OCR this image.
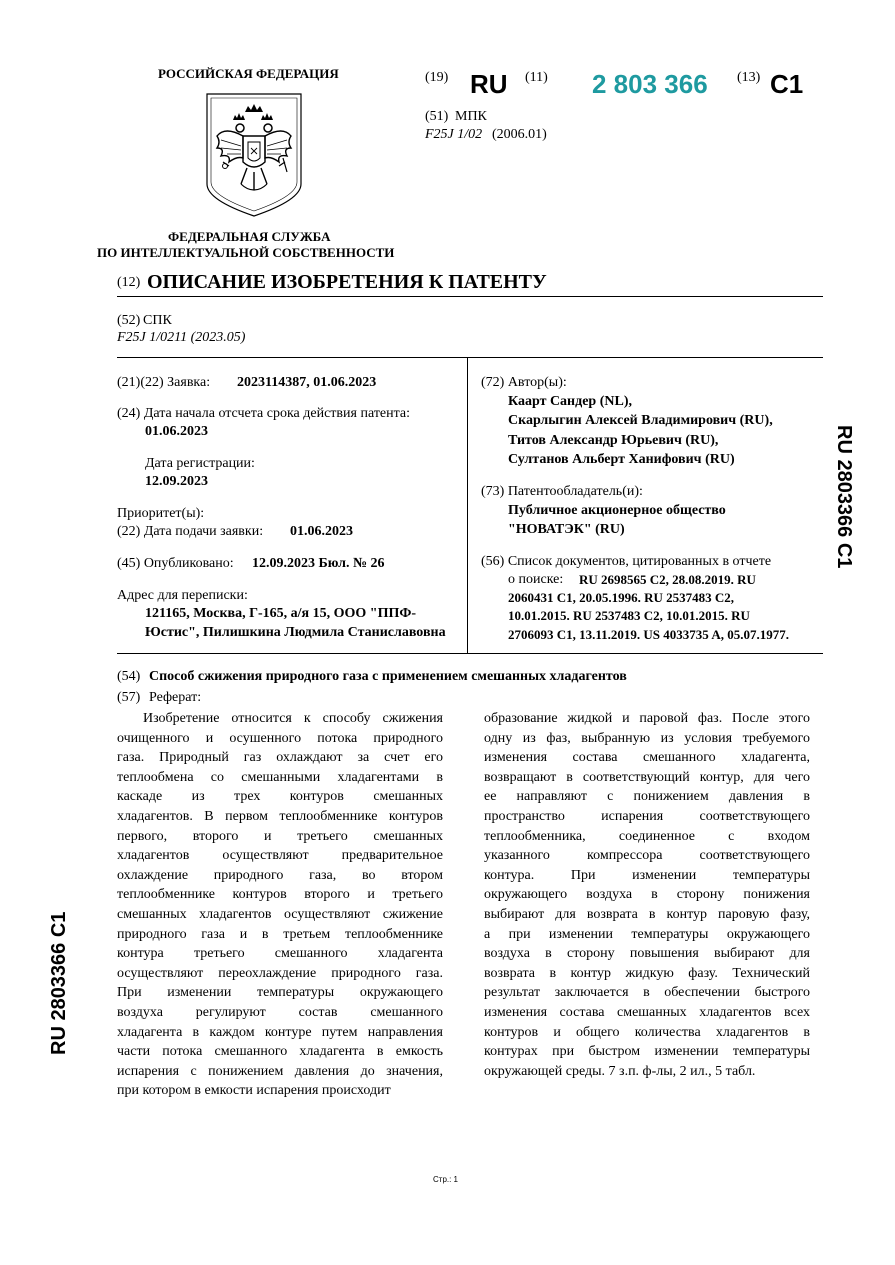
РОССИЙСКАЯ ФЕДЕРАЦИЯ
ФЕДЕРАЛЬНАЯ СЛУЖБА
ПО ИНТЕЛЛЕКТУАЛЬНОЙ СОБСТВЕННОСТИ
(19) RU (11) 2 803 366 (13) C1
(51) МПК
F25J 1/02 (2006.01)
(12) ОПИСАНИЕ ИЗОБРЕТЕНИЯ К ПАТЕНТУ
(52) СПК
F25J 1/0211 (2023.05)
(21)(22) Заявка: 2023114387, 01.06.2023
(24) Дата начала отсчета срока действия патента:
01.06.2023
Дата регистрации:
12.09.2023
Приоритет(ы):
(22) Дата подачи заявки: 01.06.2023
(45) Опубликовано: 12.09.2023 Бюл. № 26
Адрес для переписки:
121165, Москва, Г-165, а/я 15, ООО "ППФ-
Юстис", Пилишкина Людмила Станиславовна
(72) Автор(ы):
Каарт Сандер (NL),
Скарлыгин Алексей Владимирович (RU),
Титов Александр Юрьевич (RU),
Султанов Альберт Ханифович (RU)
(73) Патентообладатель(и):
Публичное акционерное общество
"НОВАТЭК" (RU)
(56) Список документов, цитированных в отчете
о поиске: RU 2698565 C2, 28.08.2019. RU
2060431 C1, 20.05.1996. RU 2537483 C2,
10.01.2015. RU 2537483 C2, 10.01.2015. RU
2706093 C1, 13.11.2019. US 4033735 A, 05.07.1977.
(54) Способ сжижения природного газа с применением смешанных хладагентов
(57) Реферат:
Изобретение относится к способу сжижения
очищенного и осушенного потока природного
газа. Природный газ охлаждают за счет его
теплообмена со смешанными хладагентами в
каскаде из трех контуров смешанных
хладагентов. В первом теплообменнике контуров
первого, второго и третьего смешанных
хладагентов осуществляют предварительное
охлаждение природного газа, во втором
теплообменнике контуров второго и третьего
смешанных хладагентов осуществляют сжижение
природного газа и в третьем теплообменнике
контура третьего смешанного хладагента
осуществляют переохлаждение природного газа.
При изменении температуры окружающего
воздуха регулируют состав смешанного
хладагента в каждом контуре путем направления
части потока смешанного хладагента в емкость
испарения с понижением давления до значения,
при котором в емкости испарения происходит
образование жидкой и паровой фаз. После этого
одну из фаз, выбранную из условия требуемого
изменения состава смешанного хладагента,
возвращают в соответствующий контур, для чего
ее направляют с понижением давления в
пространство испарения соответствующего
теплообменника, соединенное с входом
указанного компрессора соответствующего
контура. При изменении температуры
окружающего воздуха в сторону понижения
выбирают для возврата в контур паровую фазу,
а при изменении температуры окружающего
воздуха в сторону повышения выбирают для
возврата в контур жидкую фазу. Технический
результат заключается в обеспечении быстрого
изменения состава смешанных хладагентов всех
контуров и общего количества хладагентов в
контурах при быстром изменении температуры
окружающей среды. 7 з.п. ф-лы, 2 ил., 5 табл.
RU 2803366 C1
RU 2803366 C1
Стр.: 1
